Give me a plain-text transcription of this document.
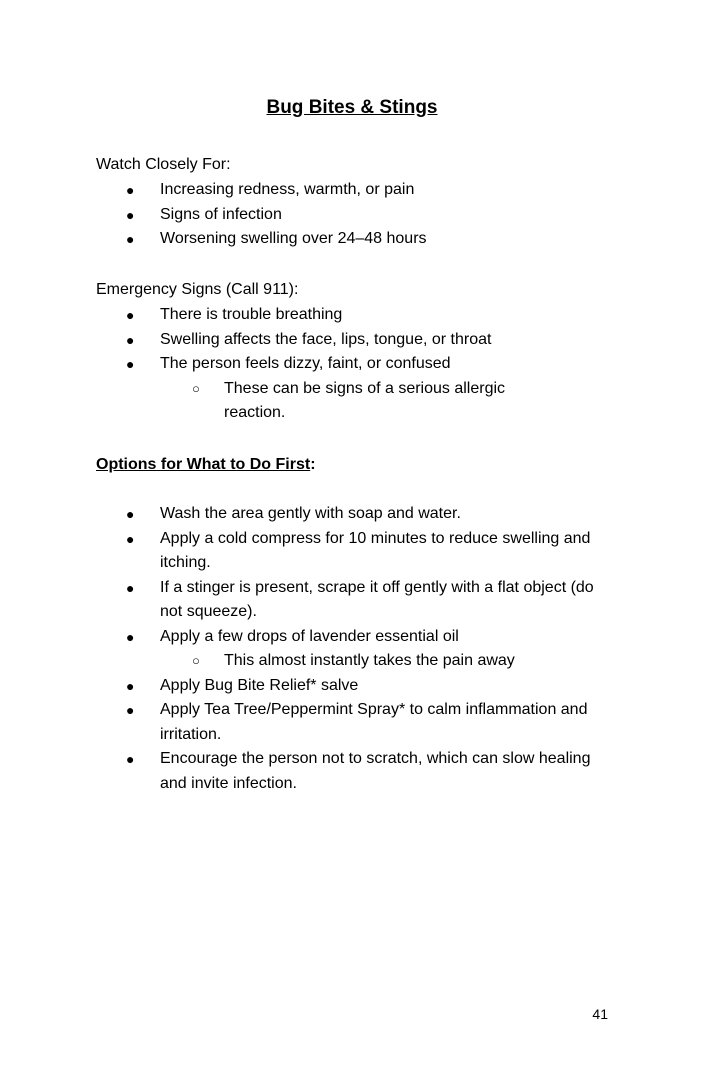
Bug Bites & Stings
Watch Closely For:
● Increasing redness, warmth, or pain
● Signs of infection
● Worsening swelling over 24–48 hours
Emergency Signs (Call 911):
● There is trouble breathing
● Swelling affects the face, lips, tongue, or throat
● The person feels dizzy, faint, or confused
○ These can be signs of a serious allergic reaction.
Options for What to Do First:
● Wash the area gently with soap and water.
● Apply a cold compress for 10 minutes to reduce swelling and itching.
● If a stinger is present, scrape it off gently with a flat object (do not squeeze).
● Apply a few drops of lavender essential oil
○ This almost instantly takes the pain away
● Apply Bug Bite Relief* salve
● Apply Tea Tree/Peppermint Spray* to calm inflammation and irritation.
● Encourage the person not to scratch, which can slow healing and invite infection.
41
